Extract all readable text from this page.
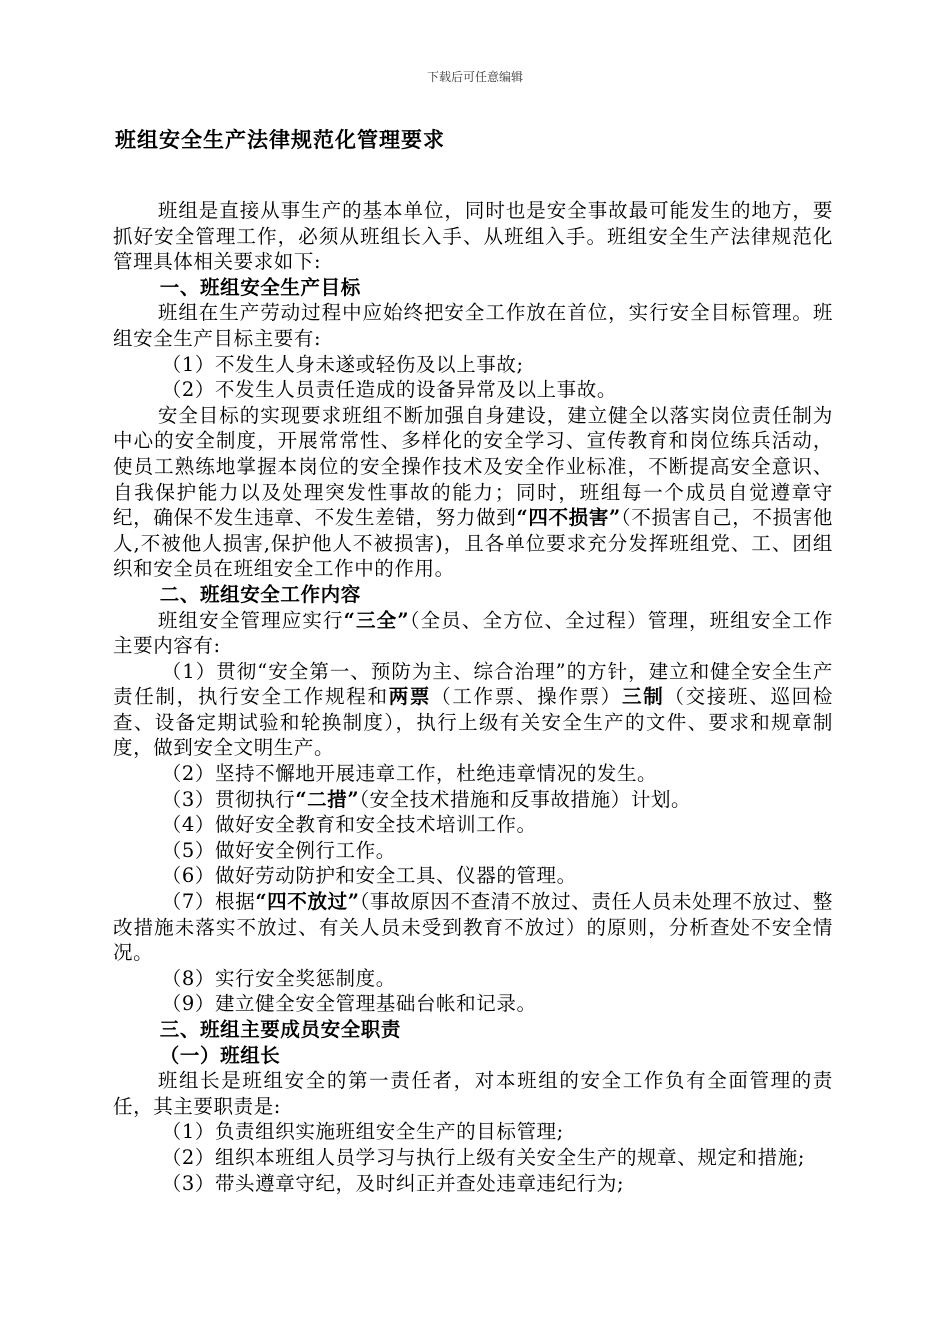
下载后可任意编辑
班组安全生产法律规范化管理要求

班组是直接从事生产的基本单位，同时也是安全事故最可能发生的地方，要抓好安全管理工作，必须从班组长入手、从班组入手。班组安全生产法律规范化管理具体相关要求如下:

一、班组安全生产目标

班组在生产劳动过程中应始终把安全工作放在首位，实行安全目标管理。班组安全生产目标主要有:

（1）不发生人身未遂或轻伤及以上事故;

（2）不发生人员责任造成的设备异常及以上事故。

安全目标的实现要求班组不断加强自身建设，建立健全以落实岗位责任制为中心的安全制度，开展常常性、多样化的安全学习、宣传教育和岗位练兵活动，使员工熟练地掌握本岗位的安全操作技术及安全作业标准，不断提高安全意识、自我保护能力以及处理突发性事故的能力；同时，班组每一个成员自觉遵章守纪，确保不发生违章、不发生差错，努力做到“四不损害”（不损害自己，不损害他人,不被他人损害,保护他人不被损害)，且各单位要求充分发挥班组党、工、团组织和安全员在班组安全工作中的作用。

二、班组安全工作内容

班组安全管理应实行“三全”（全员、全方位、全过程）管理，班组安全工作主要内容有:

（1）贯彻“安全第一、预防为主、综合治理”的方针，建立和健全安全生产责任制，执行安全工作规程和两票（工作票、操作票）三制（交接班、巡回检查、设备定期试验和轮换制度），执行上级有关安全生产的文件、要求和规章制度，做到安全文明生产。

（2）坚持不懈地开展违章工作，杜绝违章情况的发生。

（3）贯彻执行“二措”（安全技术措施和反事故措施）计划。

（4）做好安全教育和安全技术培训工作。

（5）做好安全例行工作。

（6）做好劳动防护和安全工具、仪器的管理。

（7）根据“四不放过”（事故原因不查清不放过、责任人员未处理不放过、整改措施未落实不放过、有关人员未受到教育不放过）的原则，分析查处不安全情况。

（8）实行安全奖惩制度。

（9）建立健全安全管理基础台帐和记录。

三、班组主要成员安全职责

（一）班组长

班组长是班组安全的第一责任者，对本班组的安全工作负有全面管理的责任，其主要职责是:

（1）负责组织实施班组安全生产的目标管理;

（2）组织本班组人员学习与执行上级有关安全生产的规章、规定和措施;

（3）带头遵章守纪，及时纠正并查处违章违纪行为;
